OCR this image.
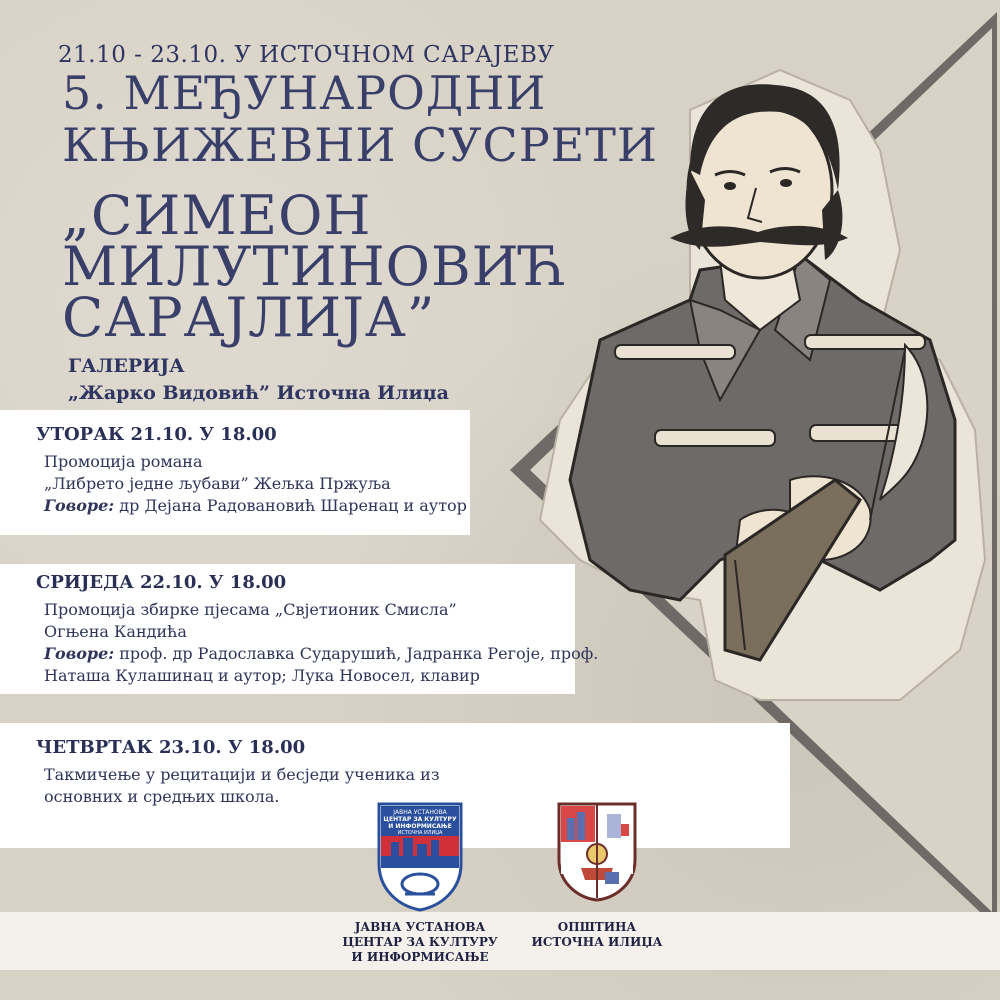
21.10 - 23.10. У ИСТОЧНОМ САРАЈЕВУ
5. МЕЂУНАРОДНИ
КЊИЖЕВНИ СУСРЕТИ
„СИМЕОН
МИЛУТИНОВИЋ
САРАЈЛИЈА”
ГАЛЕРИЈА
„Жарко Видовић” Источна Илиџа
УТОРАК 21.10. У 18.00
Промоција романа
„Либрето једне љубави” Жељка Пржуља
Говоре: др Дејана Радовановић Шаренац и аутор
СРИЈЕДА 22.10. У 18.00
Промоција збирке пјесама „Свјетионик Смисла”
Огњена Кандића
Говоре: проф. др Радославка Сударушић, Јадранка Регоје, проф.
Наташа Кулашинац и аутор; Лука Новосел, клавир
ЧЕТВРТАК 23.10. У 18.00
Такмичење у рецитацији и бесједи ученика из
основних и средњих школа.
ЈАВНА УСТАНОВА
ЦЕНТАР ЗА КУЛТУРУ
И ИНФОРМИСАЊЕ
ИСТОЧНА ИЛИЏА
ЈАВНА УСТАНОВА
ЦЕНТАР ЗА КУЛТУРУ
И ИНФОРМИСАЊЕ
ОПШТИНА
ИСТОЧНА ИЛИЏА
